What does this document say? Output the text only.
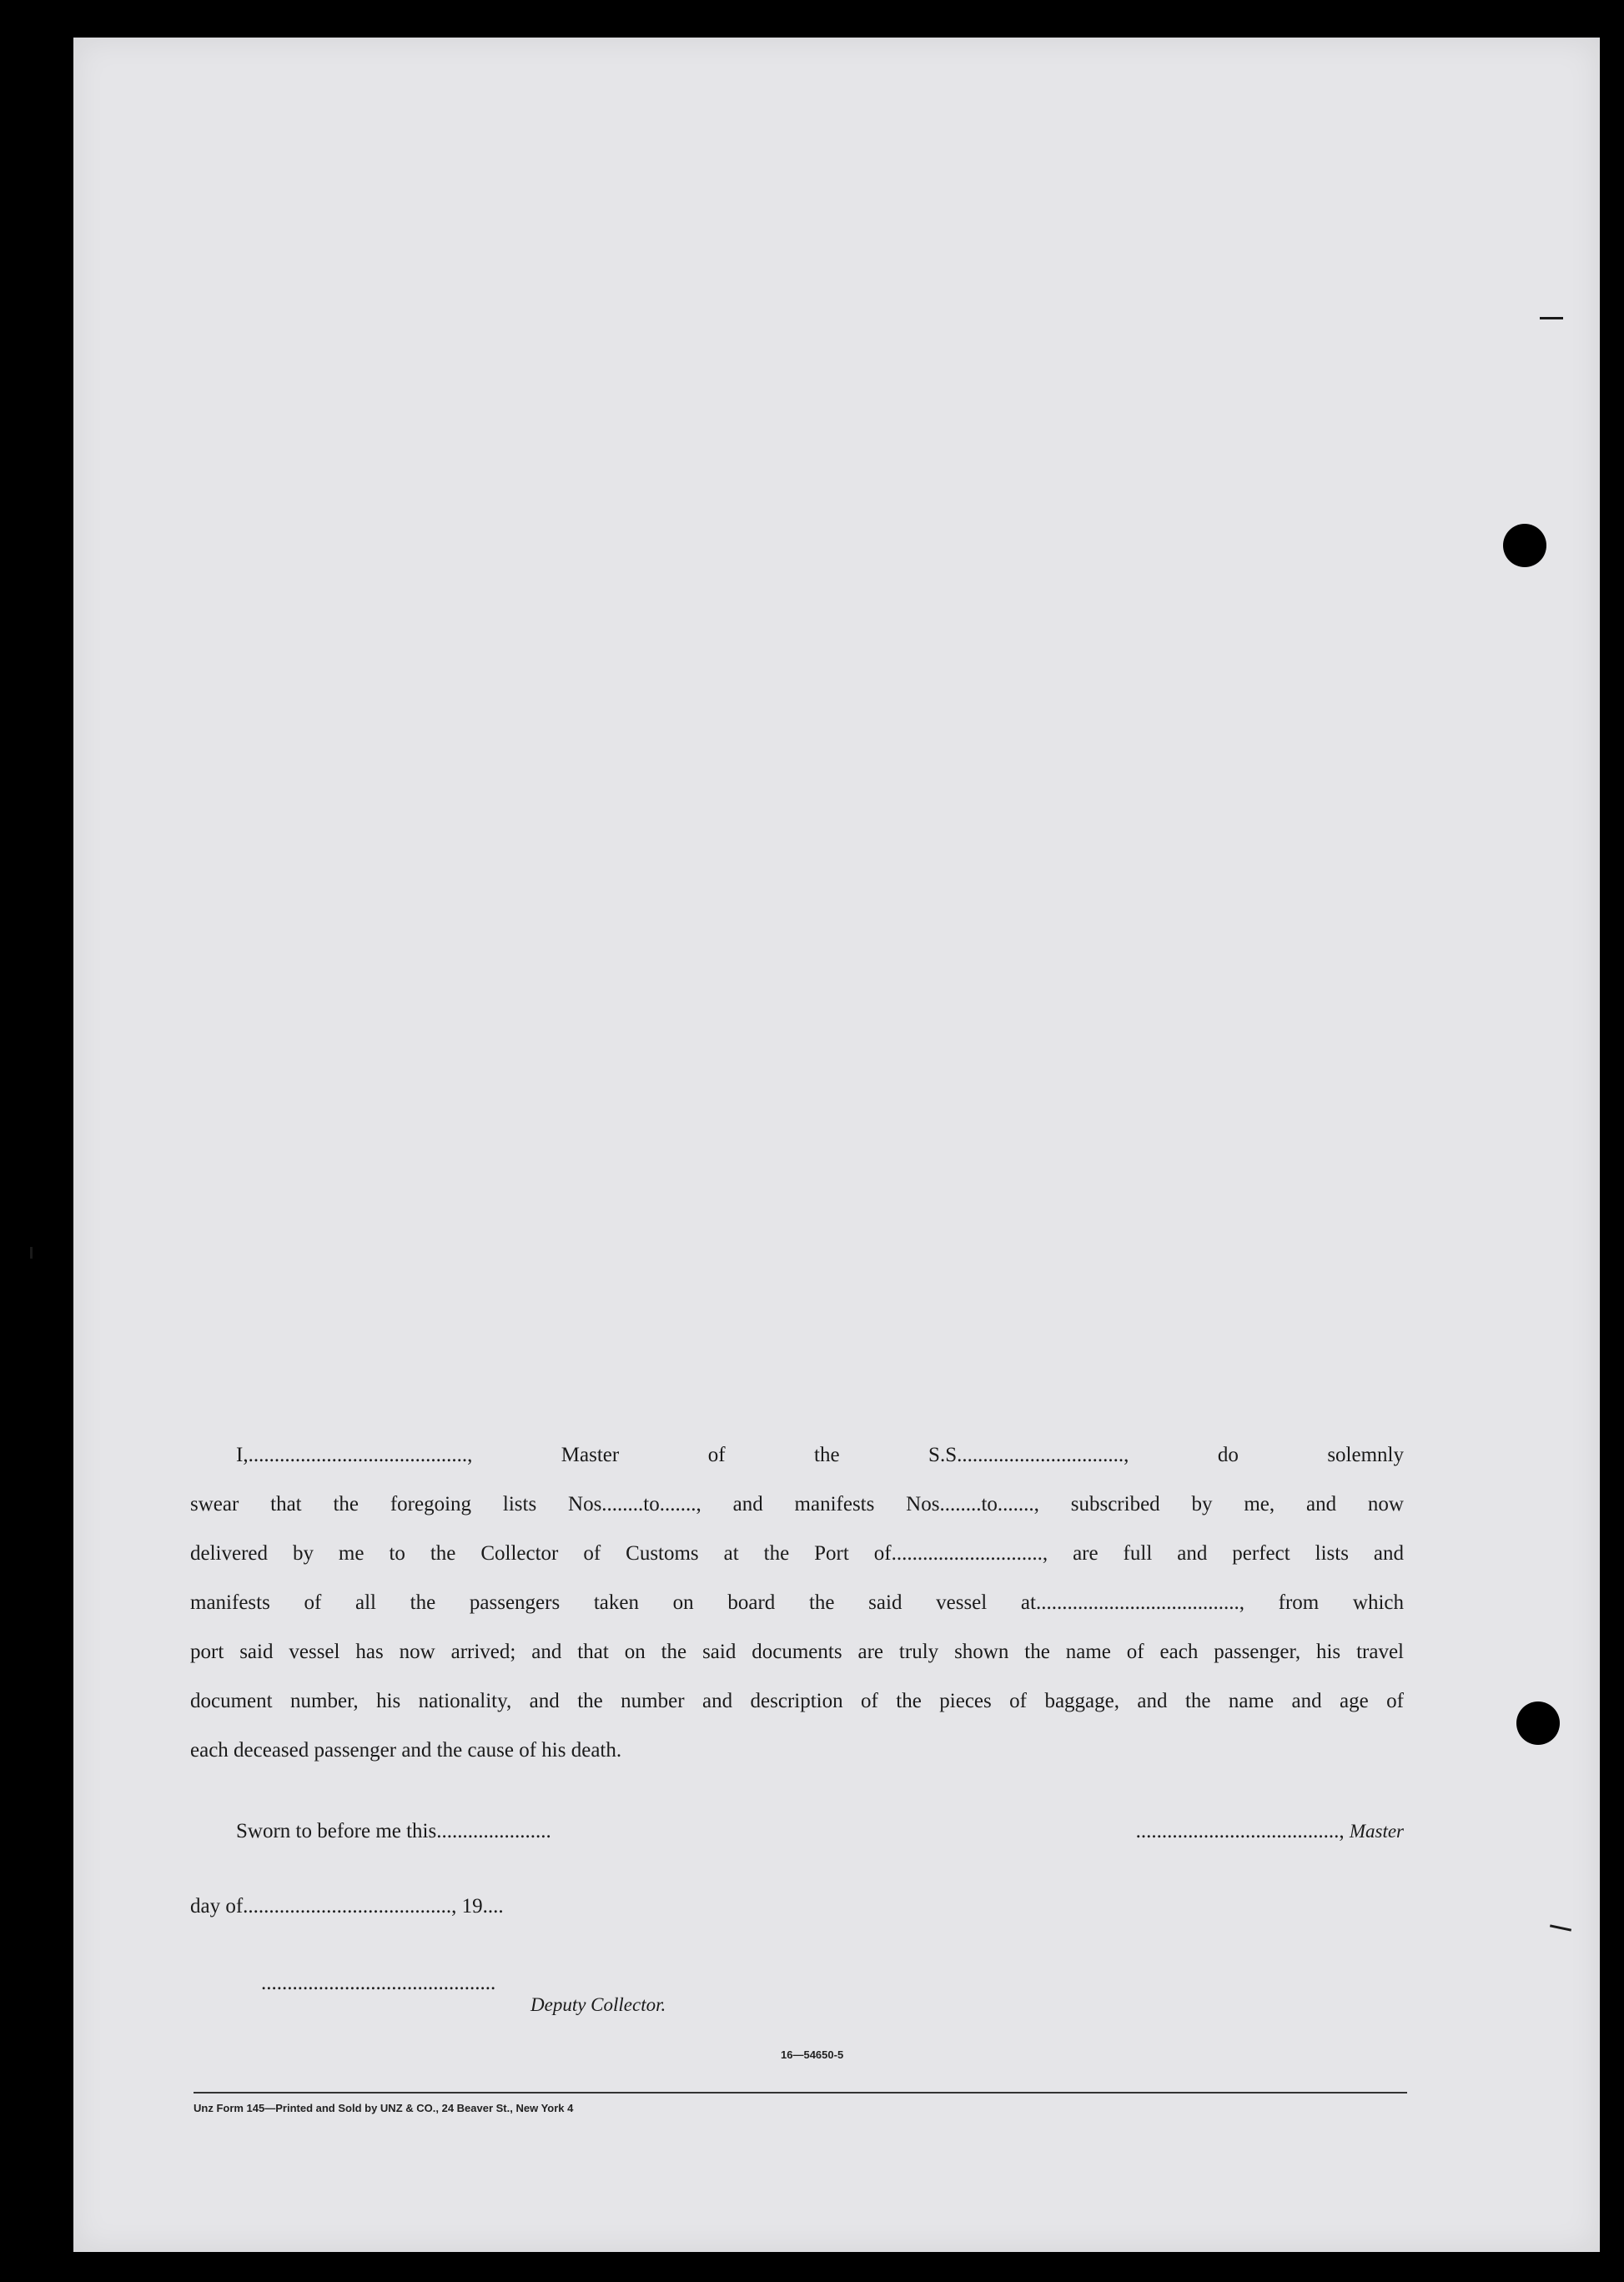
I,.........................................., Master of the S.S................................, do solemnly
swear that the foregoing lists Nos........to......., and manifests Nos........to......., subscribed by me, and now
delivered by me to the Collector of Customs at the Port of............................., are full and perfect lists and
manifests of all the passengers taken on board the said vessel at......................................., from which
port said vessel has now arrived; and that on the said documents are truly shown the name of each passenger, his travel
document number, his nationality, and the number and description of the pieces of baggage, and the name and age of
each deceased passenger and the cause of his death.
Sworn to before me this......................	......................................., Master
day of........................................, 19....
.............................................
Deputy Collector.
16—54650-5
Unz Form 145—Printed and Sold by UNZ & CO., 24 Beaver St., New York 4
